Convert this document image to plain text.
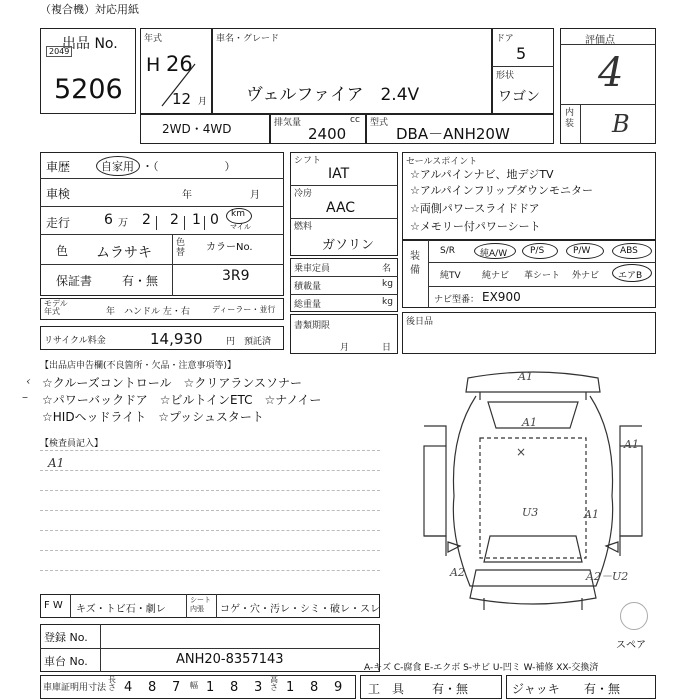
（複合機）対応用紙
出品 No.
2049
5206
年式
H 26
12 月
車名・グレード
ヴェルファイア　2.4V
ドア
5
形状
ワゴン
評価点
4
内装 B
2WD・4WD	排気量	cc
2400
型式
DBA－ANH20W
車歴	自家用 ・（　　　　　　）
車検	年	月
走行 6 万 2 2 1 0 km
マイル
色 ムラサキ
色替 カラーNo.
保証書 有・無	3R9
モデル年式	年 ハンドル 左・右	ディーラー・並行
リサイクル料金	14,930	円 預託済
シフト
IAT
冷房
AAC
燃料
ガソリン
乗車定員	名
積載量	kg
総重量	kg
書類期限
月	日
セールスポイント
☆アルパインナビ、地デジTV
☆アルパインフリップダウンモニター
☆両側パワースライドドア
☆メモリー付パワーシート
装備
S/R	純A/W	P/S	P/W	ABS
純TV 純ナビ 革シート 外ナビ エアB
ナビ型番： EX900
後日品
【出品店申告欄(不良箇所・欠品・注意事項等)】
‹
–
☆クルーズコントロール　☆クリアランスソナー
☆パワーバックドア　☆ビルトインETC　☆ナノイー
☆HIDヘッドライト　☆プッシュスタート
【検査員記入】
A1
A1
A1
A1
U3	A1
A2	A2－U2
×
スペア
F W キズ・トビ石・劇レ
シート内張	コゲ・穴・汚レ・シミ・破レ・スレ
登録 No.
車台 No.	ANH20-8357143
A-キズ C-腐食 E-エクボ S-サビ U-凹ミ W-補修 XX-交換済
車庫証明用寸法
長さ 4 8 7 幅 1 8 3
高さ 1 8 9 工　具 有・無	ジャッキ 有・無
